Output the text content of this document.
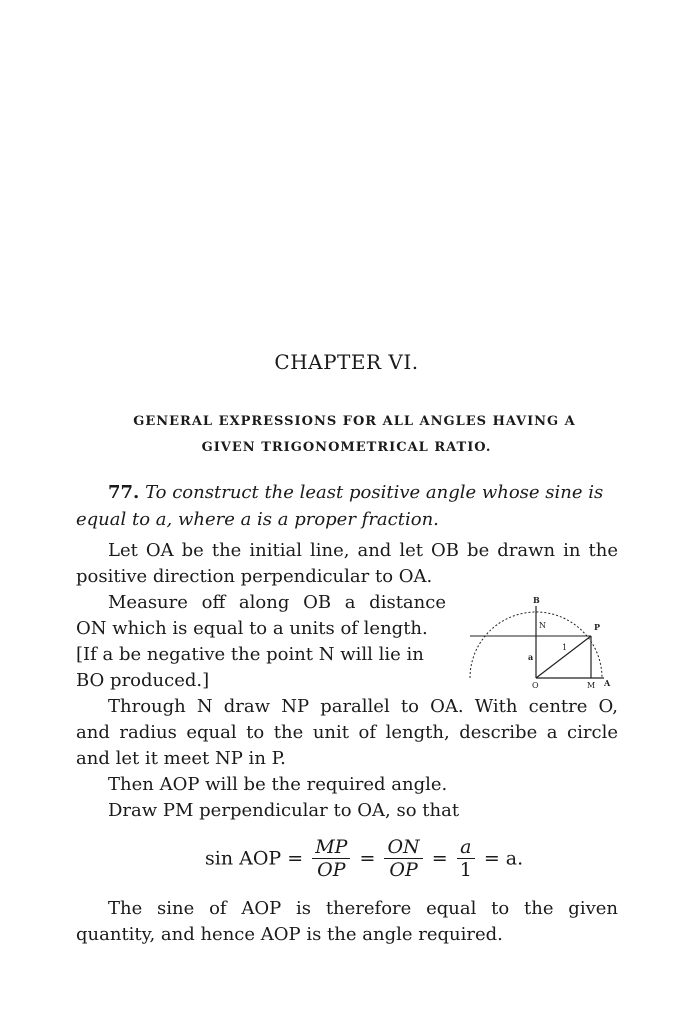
CHAPTER VI.
GENERAL EXPRESSIONS FOR ALL ANGLES HAVING A
GIVEN TRIGONOMETRICAL RATIO.
77. To construct the least positive angle whose sine is
equal to a, where a is a proper fraction.
Let OA be the initial line, and let OB be drawn in the
positive direction perpendicular to OA.
Measure off along OB a distance
ON which is equal to a units of length.
[If a be negative the point N will lie in
BO produced.]
B
N	P
a
1
O	M A
Through N draw NP parallel to OA. With centre O,
and radius equal to the unit of length, describe a circle
and let it meet NP in P.
Then AOP will be the required angle.
Draw PM perpendicular to OA, so that
sin AOP = $\frac{MP}{OP} = \frac{ON}{OP} = \frac{a}{1} = a$.
The sine of AOP is therefore equal to the given
quantity, and hence AOP is the angle required.
